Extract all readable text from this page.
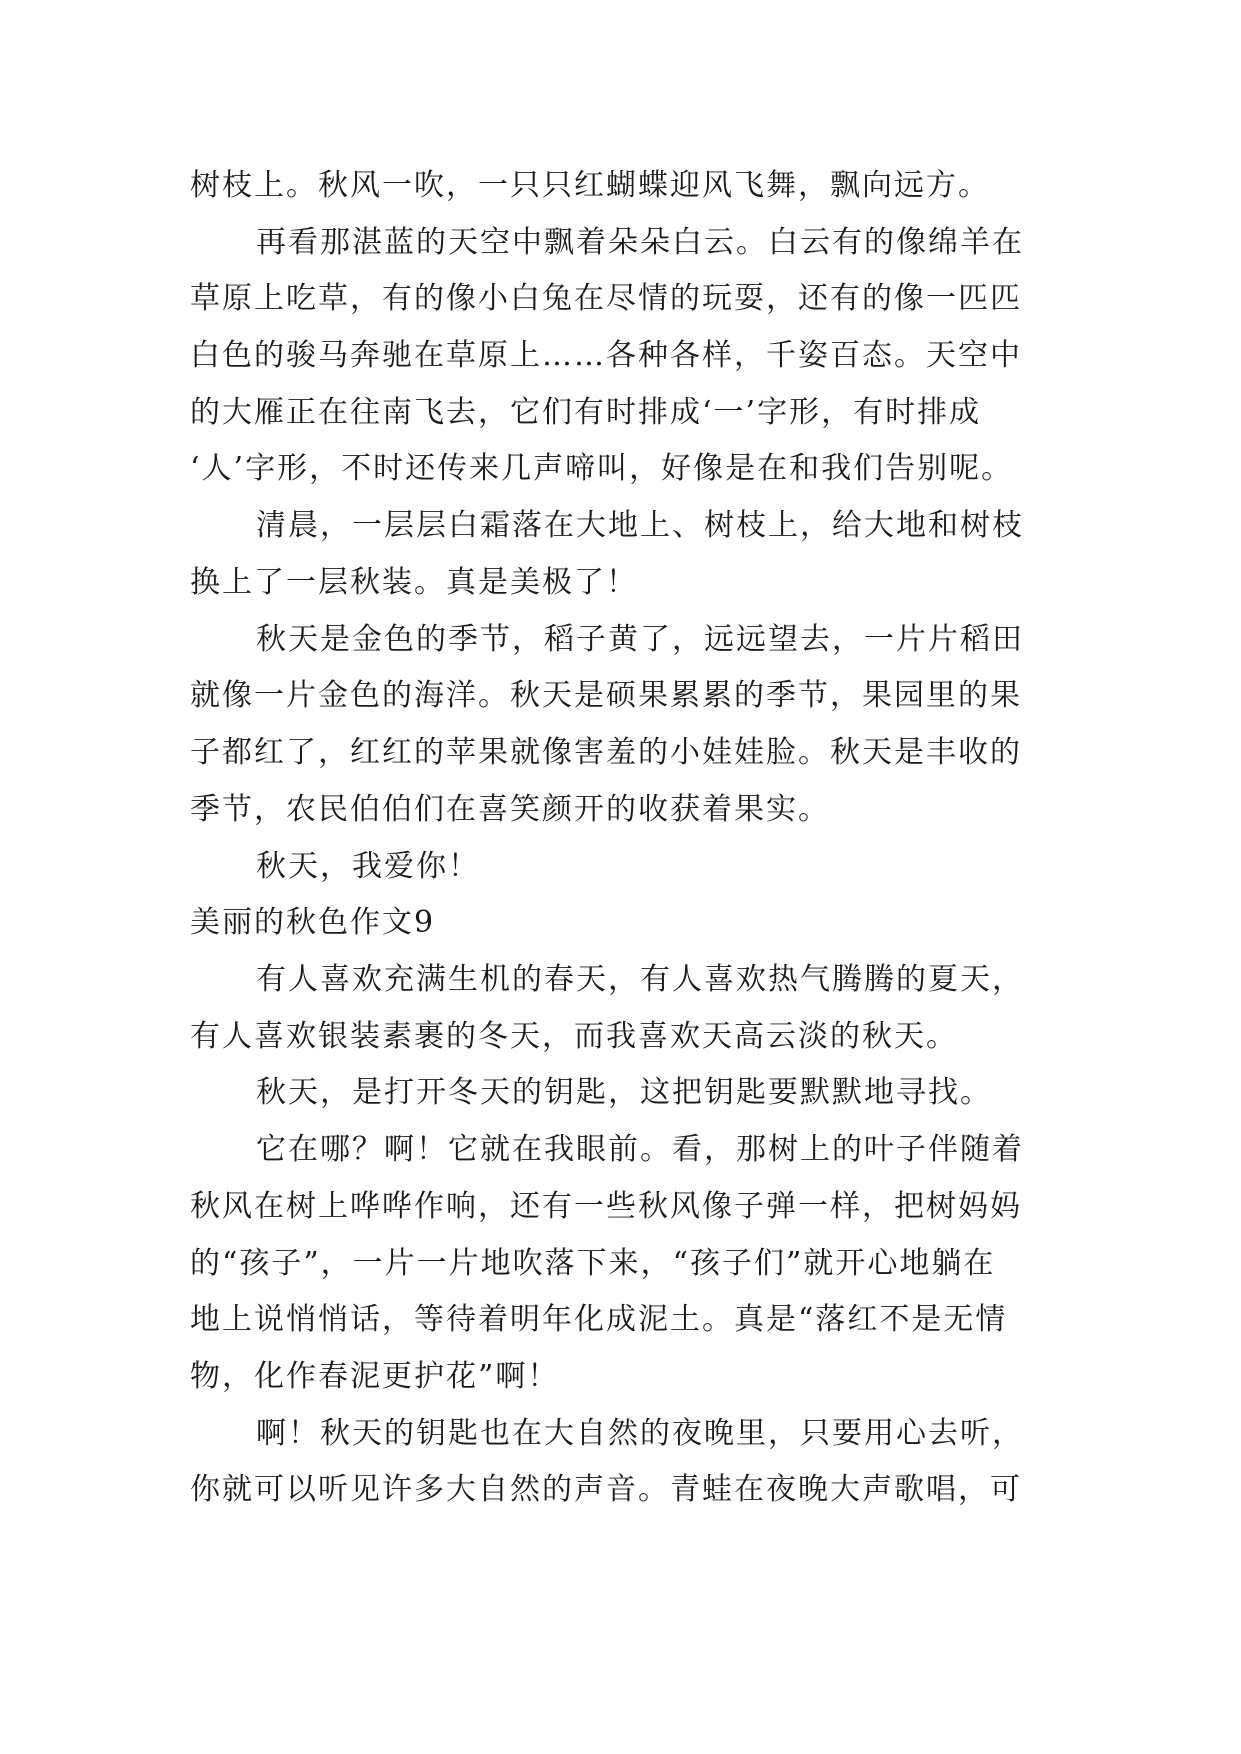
树枝上。秋风一吹，一只只红蝴蝶迎风飞舞，飘向远方。
再看那湛蓝的天空中飘着朵朵白云。白云有的像绵羊在
草原上吃草，有的像小白兔在尽情的玩耍，还有的像一匹匹
白色的骏马奔驰在草原上……各种各样，千姿百态。天空中
的大雁正在往南飞去，它们有时排成‘一’字形，有时排成
‘人’字形，不时还传来几声啼叫，好像是在和我们告别呢。
清晨，一层层白霜落在大地上、树枝上，给大地和树枝
换上了一层秋装。真是美极了！
秋天是金色的季节，稻子黄了，远远望去，一片片稻田
就像一片金色的海洋。秋天是硕果累累的季节，果园里的果
子都红了，红红的苹果就像害羞的小娃娃脸。秋天是丰收的
季节，农民伯伯们在喜笑颜开的收获着果实。
秋天，我爱你！
美丽的秋色作文9
有人喜欢充满生机的春天，有人喜欢热气腾腾的夏天，
有人喜欢银装素裹的冬天，而我喜欢天高云淡的秋天。
秋天，是打开冬天的钥匙，这把钥匙要默默地寻找。
它在哪？啊！它就在我眼前。看，那树上的叶子伴随着
秋风在树上哗哗作响，还有一些秋风像子弹一样，把树妈妈
的“孩子”，一片一片地吹落下来，“孩子们”就开心地躺在
地上说悄悄话，等待着明年化成泥土。真是“落红不是无情
物，化作春泥更护花”啊！
啊！秋天的钥匙也在大自然的夜晚里，只要用心去听，
你就可以听见许多大自然的声音。青蛙在夜晚大声歌唱，可
